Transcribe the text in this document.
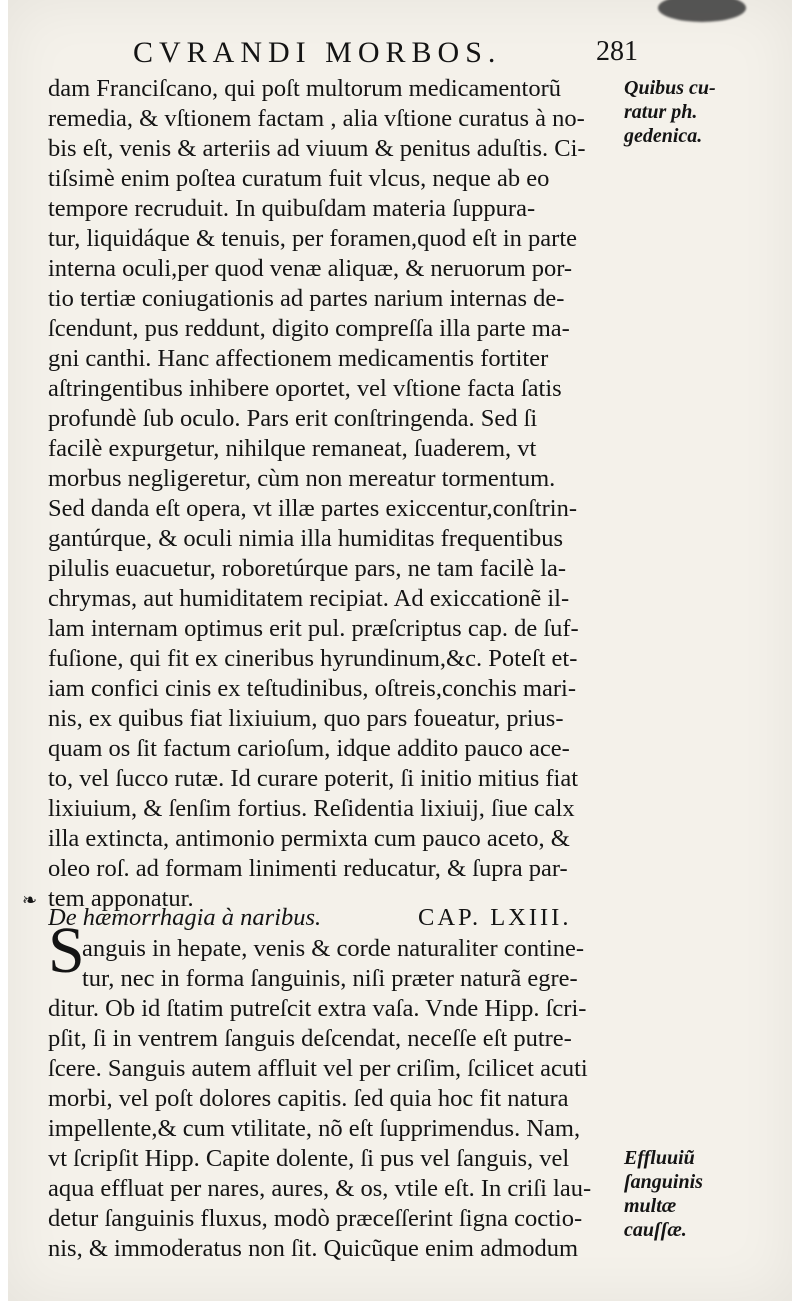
CVRANDI MORBOS.	281
dam Franciſcano, qui poſt multorum medicamentorũ
remedia, & vſtionem factam , alia vſtione curatus à no-
bis eſt, venis & arteriis ad viuum & penitus aduſtis. Ci-
tiſsimè enim poſtea curatum fuit vlcus, neque ab eo
tempore recruduit. In quibuſdam materia ſuppura-
tur, liquidáque & tenuis, per foramen,quod eſt in parte
interna oculi,per quod venæ aliquæ, & neruorum por-
tio tertiæ coniugationis ad partes narium internas de-
ſcendunt, pus reddunt, digito compreſſa illa parte ma-
gni canthi. Hanc affectionem medicamentis fortiter
aſtringentibus inhibere oportet, vel vſtione facta ſatis
profundè ſub oculo. Pars erit conſtringenda. Sed ſi
facilè expurgetur, nihilque remaneat, ſuaderem, vt
morbus negligeretur, cùm non mereatur tormentum.
Sed danda eſt opera, vt illæ partes exiccentur,conſtrin-
gantúrque, & oculi nimia illa humiditas frequentibus
pilulis euacuetur, roboretúrque pars, ne tam facilè la-
chrymas, aut humiditatem recipiat. Ad exiccationẽ il-
lam internam optimus erit pul. præſcriptus cap. de ſuf-
fuſione, qui fit ex cineribus hyrundinum,&c. Poteſt et-
iam confici cinis ex teſtudinibus, oſtreis,conchis mari-
nis, ex quibus fiat lixiuium, quo pars foueatur, prius-
quam os ſit factum carioſum, idque addito pauco ace-
to, vel ſucco rutæ. Id curare poterit, ſi initio mitius fiat
lixiuium, & ſenſim fortius. Reſidentia lixiuij, ſiue calx
illa extincta, antimonio permixta cum pauco aceto, &
oleo roſ. ad formam linimenti reducatur, & ſupra par-
tem apponatur.
De hæmorrhagia à naribus.	CAP. LXIII.
anguis in hepate, venis & corde naturaliter contine-
tur, nec in forma ſanguinis, niſi præter naturã egre-
ditur. Ob id ſtatim putreſcit extra vaſa. Vnde Hipp. ſcri-
pſit, ſi in ventrem ſanguis deſcendat, neceſſe eſt putre-
ſcere. Sanguis autem affluit vel per criſim, ſcilicet acuti
morbi, vel poſt dolores capitis. ſed quia hoc fit natura
impellente,& cum vtilitate, nõ eſt ſupprimendus. Nam,
vt ſcripſit Hipp. Capite dolente, ſi pus vel ſanguis, vel
aqua effluat per nares, aures, & os, vtile eſt. In criſi lau-
detur ſanguinis fluxus, modò præceſſerint ſigna coctio-
nis, & immoderatus non ſit. Quicũque enim admodum
❧
S
Quibus cu-
ratur ph.
gedenica.
Effluuiũ
ſanguinis
multæ
cauſſæ.
